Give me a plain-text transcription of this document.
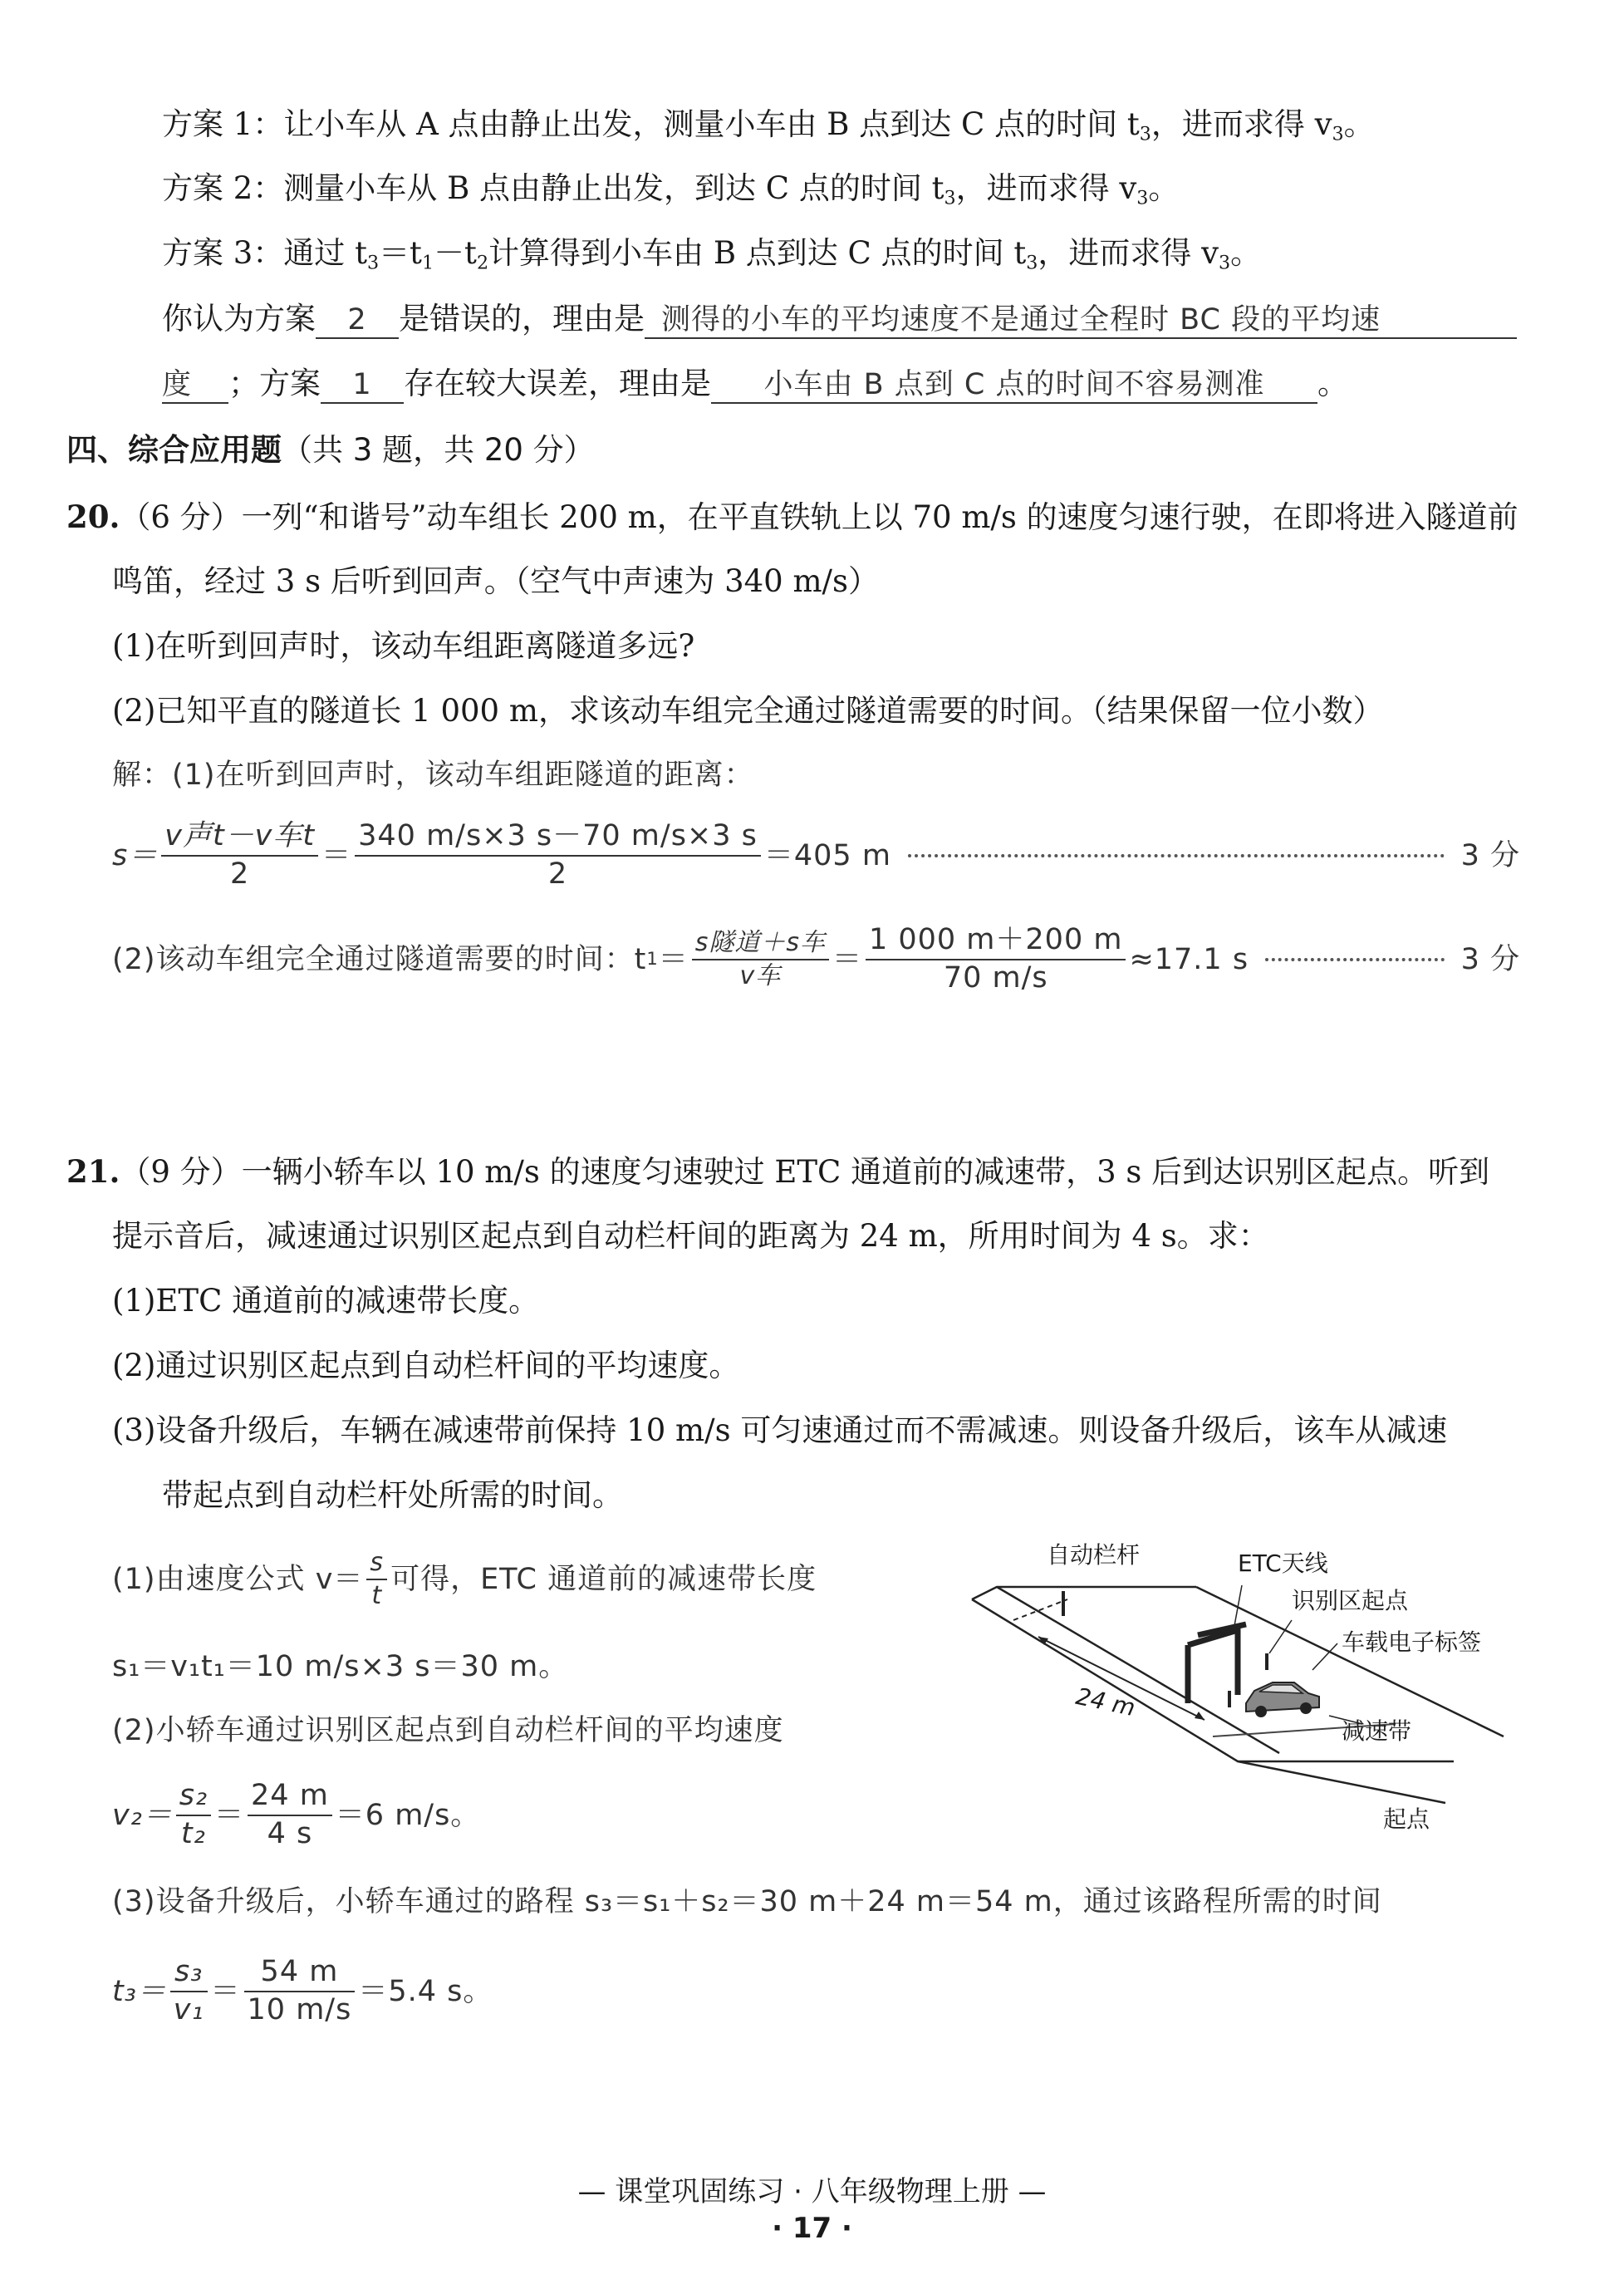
方案 1：让小车从 A 点由静止出发，测量小车由 B 点到达 C 点的时间 $t_3$，进而求得 $v_3$。
方案 2：测量小车从 B 点由静止出发，到达 C 点的时间 $t_3$，进而求得 $v_3$。
方案 3：通过 $t_3=t_1-t_2$计算得到小车由 B 点到达 C 点的时间 $t_3$，进而求得 $v_3$。
你认为方案 2 是错误的，理由是 测得的小车的平均速度不是通过全程时 BC 段的平均速
度 ；方案 1 存在较大误差，理由是 小车由 B 点到 C 点的时间不容易测准 。
四、综合应用题（共 3 题，共 20 分）
20.（6 分）一列“和谐号”动车组长 200 m，在平直铁轨上以 70 m/s 的速度匀速行驶，在即将进入隧道前
鸣笛，经过 3 s 后听到回声。（空气中声速为 340 m/s）
(1)在听到回声时，该动车组距离隧道多远?
(2)已知平直的隧道长 1 000 m，求该动车组完全通过隧道需要的时间。（结果保留一位小数）
解：(1)在听到回声时，该动车组距隧道的距离：
$s= \frac{\text{v声t－v车t}}{2} = \frac{340 m/s\times 3 s-70 m/s\times 3 s}{2} =405$ m	3 分
(2)该动车组完全通过隧道需要的时间：t $1 = \frac{\text{s隧道＋s车}}{\text{v车}} = \frac{1 000 m+200 m}{70 m/s} \approx 17.1$ s	3 分
21.（9 分）一辆小轿车以 10 m/s 的速度匀速驶过 ETC 通道前的减速带，3 s 后到达识别区起点。听到
提示音后，减速通过识别区起点到自动栏杆间的距离为 24 m，所用时间为 4 s。求：
(1)ETC 通道前的减速带长度。
(2)通过识别区起点到自动栏杆间的平均速度。
(3)设备升级后，车辆在减速带前保持 10 m/s 可匀速通过而不需减速。则设备升级后，该车从减速
带起点到自动栏杆处所需的时间。
(1)由速度公式 $v= \frac{s}{t}$ 可得，ETC 通道前的减速带长度
s₁＝v₁t₁＝10 m/s×3 s＝30 m。
(2)小轿车通过识别区起点到自动栏杆间的平均速度
$v_2= \frac{\text{s₂}}{\text{t₂}} = \frac{24 m}{4 s} =6$ m/s。
(3)设备升级后，小轿车通过的路程 s₃＝s₁＋s₂＝30 m＋24 m＝54 m，通过该路程所需的时间
$t_3= \frac{\text{s₃}}{\text{v₁}} = \frac{54 m}{10 m/s} =5.4$ s。
自动栏杆	ETC天线
识别区起点
车载电子标签
24 m
减速带
起点
— 课堂巩固练习 · 八年级物理上册 —
· 17 ·
